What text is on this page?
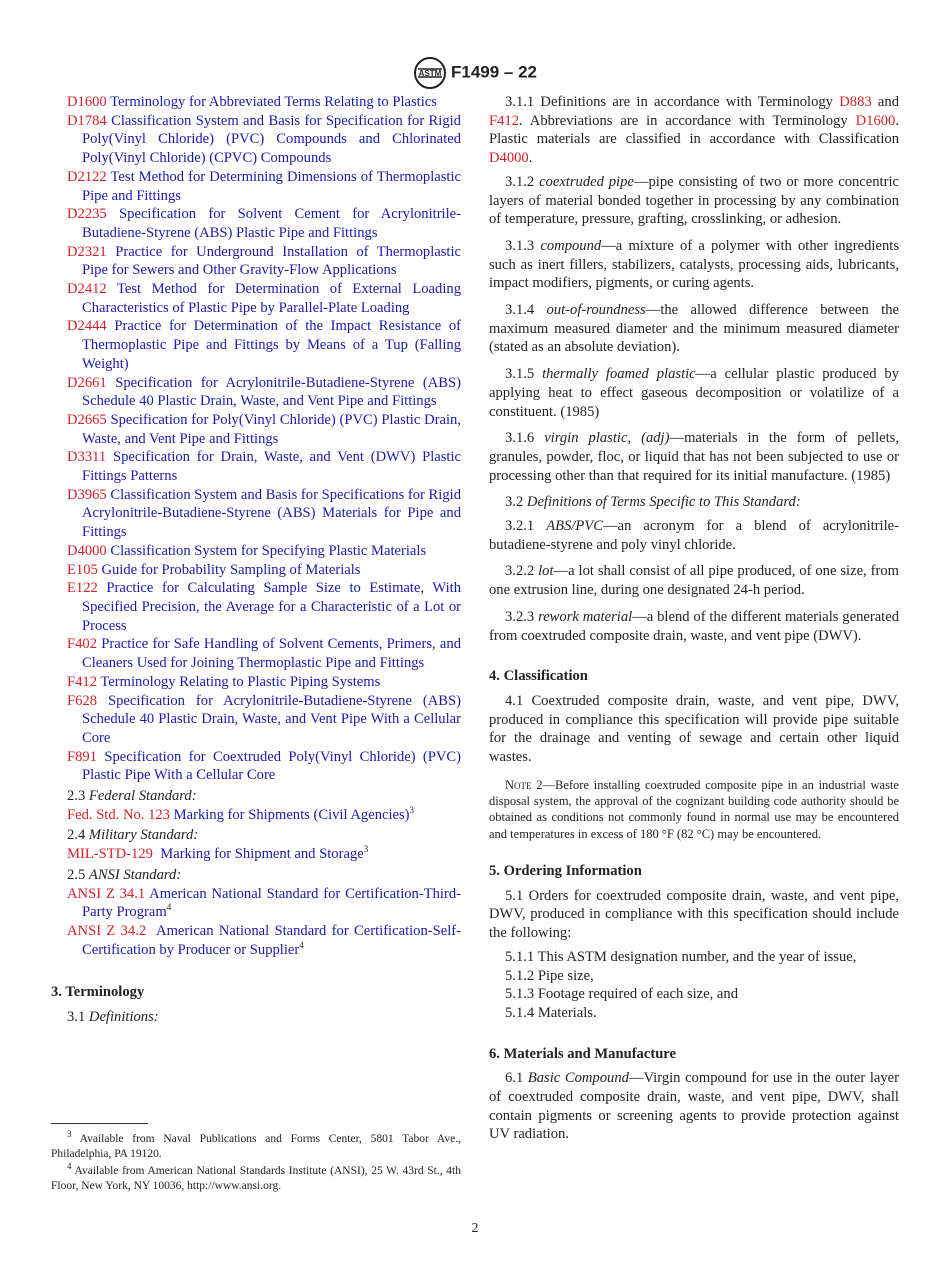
ASTM F1499 – 22
D1600 Terminology for Abbreviated Terms Relating to Plastics
D1784 Classification System and Basis for Specification for Rigid Poly(Vinyl Chloride) (PVC) Compounds and Chlorinated Poly(Vinyl Chloride) (CPVC) Compounds
D2122 Test Method for Determining Dimensions of Thermoplastic Pipe and Fittings
D2235 Specification for Solvent Cement for Acrylonitrile-Butadiene-Styrene (ABS) Plastic Pipe and Fittings
D2321 Practice for Underground Installation of Thermoplastic Pipe for Sewers and Other Gravity-Flow Applications
D2412 Test Method for Determination of External Loading Characteristics of Plastic Pipe by Parallel-Plate Loading
D2444 Practice for Determination of the Impact Resistance of Thermoplastic Pipe and Fittings by Means of a Tup (Falling Weight)
D2661 Specification for Acrylonitrile-Butadiene-Styrene (ABS) Schedule 40 Plastic Drain, Waste, and Vent Pipe and Fittings
D2665 Specification for Poly(Vinyl Chloride) (PVC) Plastic Drain, Waste, and Vent Pipe and Fittings
D3311 Specification for Drain, Waste, and Vent (DWV) Plastic Fittings Patterns
D3965 Classification System and Basis for Specifications for Rigid Acrylonitrile-Butadiene-Styrene (ABS) Materials for Pipe and Fittings
D4000 Classification System for Specifying Plastic Materials
E105 Guide for Probability Sampling of Materials
E122 Practice for Calculating Sample Size to Estimate, With Specified Precision, the Average for a Characteristic of a Lot or Process
F402 Practice for Safe Handling of Solvent Cements, Primers, and Cleaners Used for Joining Thermoplastic Pipe and Fittings
F412 Terminology Relating to Plastic Piping Systems
F628 Specification for Acrylonitrile-Butadiene-Styrene (ABS) Schedule 40 Plastic Drain, Waste, and Vent Pipe With a Cellular Core
F891 Specification for Coextruded Poly(Vinyl Chloride) (PVC) Plastic Pipe With a Cellular Core
2.3 Federal Standard:
Fed. Std. No. 123 Marking for Shipments (Civil Agencies)$^3$
2.4 Military Standard:
MIL-STD-129 Marking for Shipment and Storage$^3$
2.5 ANSI Standard:
ANSI Z 34.1 American National Standard for Certification-Third-Party Program$^4$
ANSI Z 34.2 American National Standard for Certification-Self-Certification by Producer or Supplier$^4$
3. Terminology
3.1 Definitions:

3.1.1 Definitions are in accordance with Terminology D883 and F412. Abbreviations are in accordance with Terminology D1600. Plastic materials are classified in accordance with Classification D4000.

3.1.2 coextruded pipe—pipe consisting of two or more concentric layers of material bonded together in processing by any combination of temperature, pressure, grafting, crosslinking, or adhesion.

3.1.3 compound—a mixture of a polymer with other ingredients such as inert fillers, stabilizers, catalysts, processing aids, lubricants, impact modifiers, pigments, or curing agents.

3.1.4 out-of-roundness—the allowed difference between the maximum measured diameter and the minimum measured diameter (stated as an absolute deviation).

3.1.5 thermally foamed plastic—a cellular plastic produced by applying heat to effect gaseous decomposition or volatilize of a constituent. (1985)

3.1.6 virgin plastic, (adj)—materials in the form of pellets, granules, powder, floc, or liquid that has not been subjected to use or processing other than that required for its initial manufacture. (1985)

3.2 Definitions of Terms Specific to This Standard:

3.2.1 ABS/PVC—an acronym for a blend of acrylonitrile-butadiene-styrene and poly vinyl chloride.

3.2.2 lot—a lot shall consist of all pipe produced, of one size, from one extrusion line, during one designated 24-h period.

3.2.3 rework material—a blend of the different materials generated from coextruded composite drain, waste, and vent pipe (DWV).

4. Classification

4.1 Coextruded composite drain, waste, and vent pipe, DWV, produced in compliance this specification will provide pipe suitable for the drainage and venting of sewage and certain other liquid wastes.

Note 2—Before installing coextruded composite pipe in an industrial waste disposal system, the approval of the cognizant building code authority should be obtained as conditions not commonly found in normal use may be encountered and temperatures in excess of 180 °F (82 °C) may be encountered.

5. Ordering Information

5.1 Orders for coextruded composite drain, waste, and vent pipe, DWV, produced in compliance with this specification should include the following:

5.1.1 This ASTM designation number, and the year of issue,
5.1.2 Pipe size,
5.1.3 Footage required of each size, and
5.1.4 Materials.
6. Materials and Manufacture

6.1 Basic Compound—Virgin compound for use in the outer layer of coextruded composite drain, waste, and vent pipe, DWV, shall contain pigments or screening agents to provide protection against UV radiation.

$^3$ Available from Naval Publications and Forms Center, 5801 Tabor Ave., Philadelphia, PA 19120.

$^4$ Available from American National Standards Institute (ANSI), 25 W. 43rd St., 4th Floor, New York, NY 10036, http://www.ansi.org.

2
